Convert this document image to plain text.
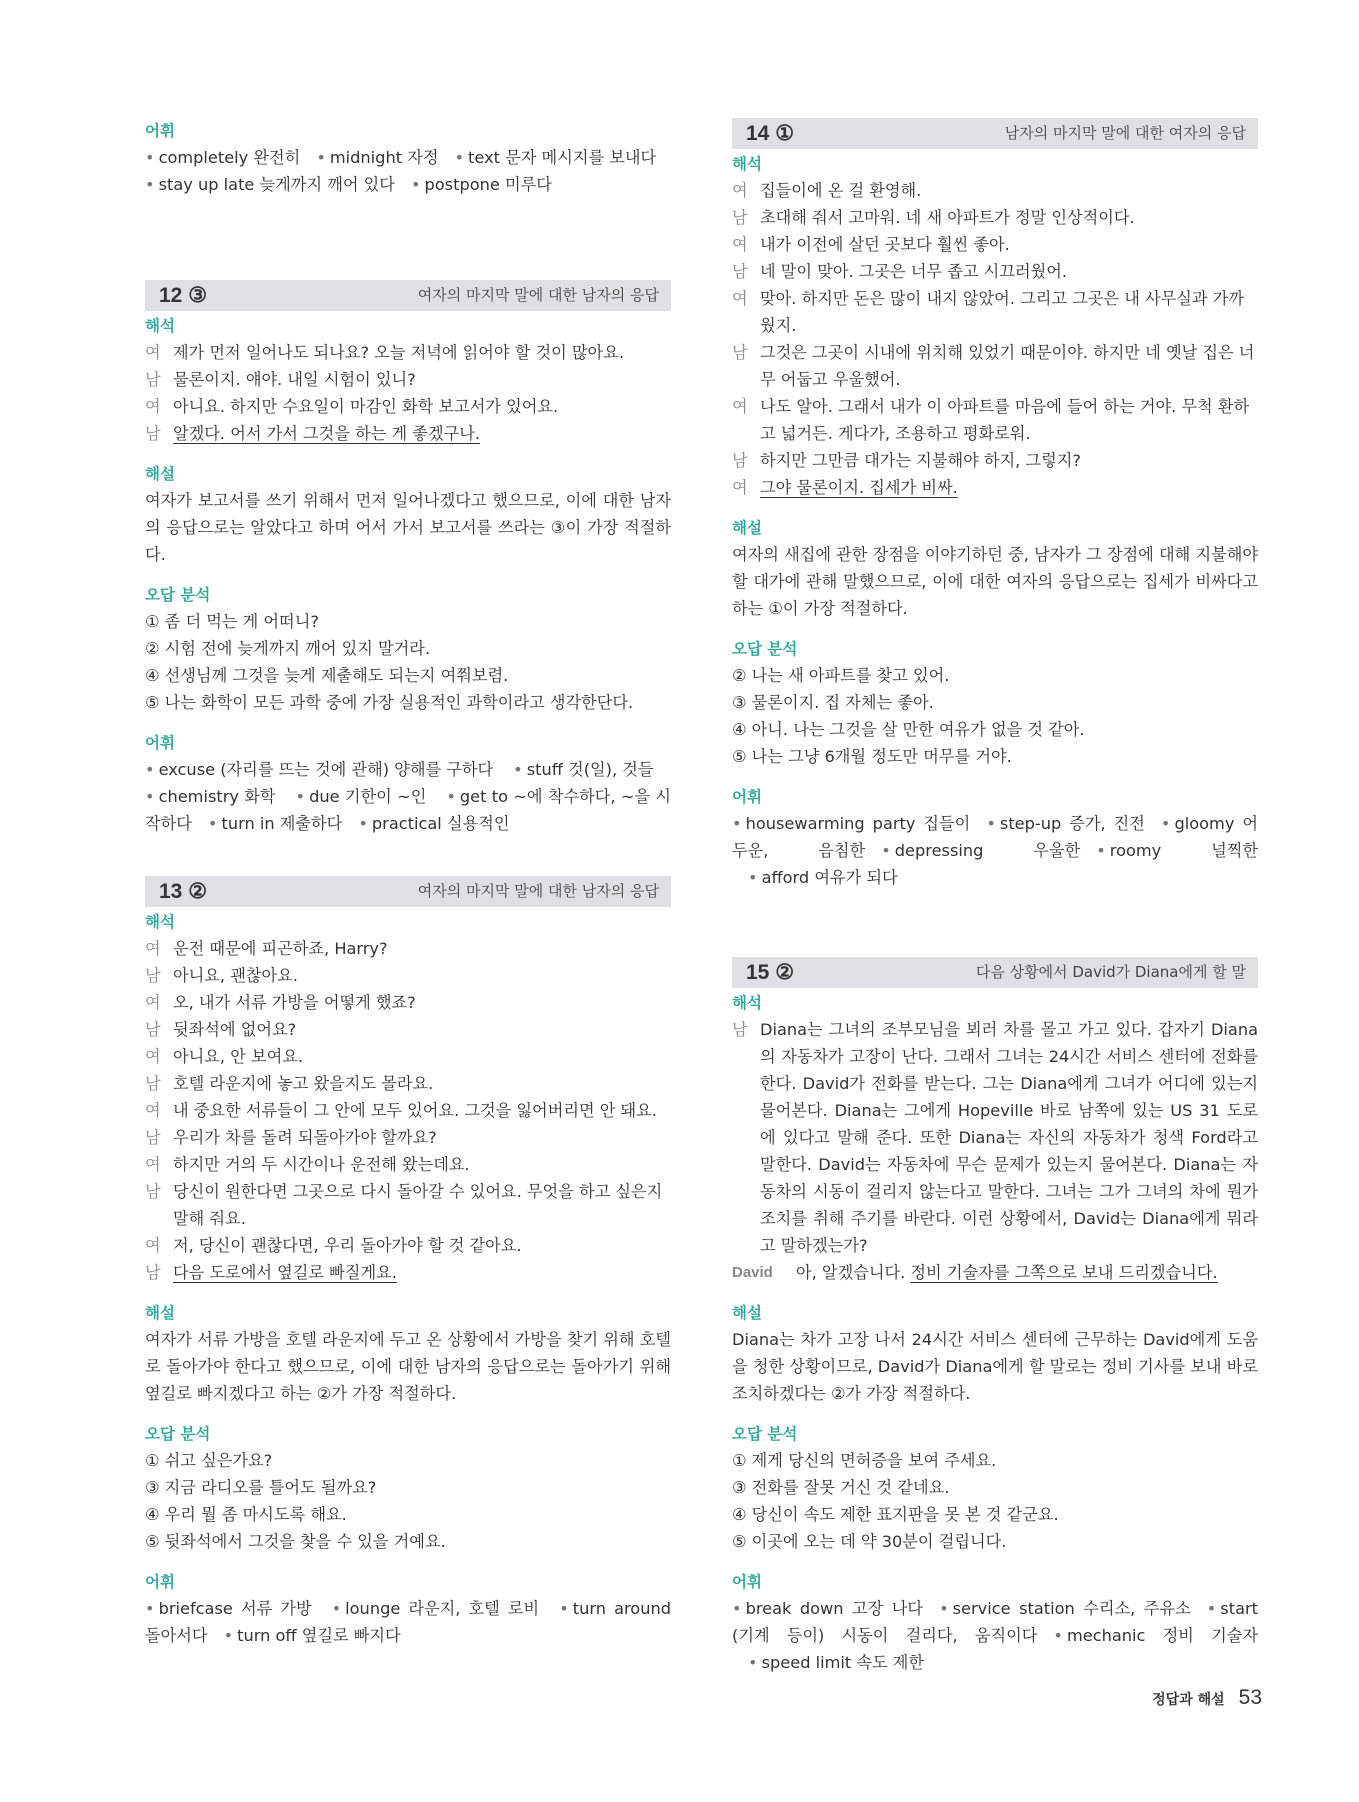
어휘

• completely 완전히 • midnight 자정 • text 문자 메시지를 보내다
• stay up late 늦게까지 깨어 있다 • postpone 미루다
12 ③	여자의 마지막 말에 대한 남자의 응답

해석

여 제가 먼저 일어나도 되나요? 오늘 저녁에 읽어야 할 것이 많아요.
남 물론이지. 얘야. 내일 시험이 있니?
여 아니요. 하지만 수요일이 마감인 화학 보고서가 있어요.
남 알겠다. 어서 가서 그것을 하는 게 좋겠구나.

해설

여자가 보고서를 쓰기 위해서 먼저 일어나겠다고 했으므로, 이에 대한 남자의 응답으로는 알았다고 하며 어서 가서 보고서를 쓰라는 ③이 가장 적절하다.

오답 분석

① 좀 더 먹는 게 어떠니?

② 시험 전에 늦게까지 깨어 있지 말거라.

④ 선생님께 그것을 늦게 제출해도 되는지 여쭤보렴.

⑤ 나는 화학이 모든 과학 중에 가장 실용적인 과학이라고 생각한단다.

어휘

• excuse (자리를 뜨는 것에 관해) 양해를 구하다 • stuff 것(일), 것들
• chemistry 화학 • due 기한이 ~인 • get to ~에 착수하다, ~을 시작하다 • turn in 제출하다 • practical 실용적인
13 ②	여자의 마지막 말에 대한 남자의 응답

해석

여 운전 때문에 피곤하죠, Harry?
남 아니요, 괜찮아요.
여 오, 내가 서류 가방을 어떻게 했죠?
남 뒷좌석에 없어요?
여 아니요, 안 보여요.
남 호텔 라운지에 놓고 왔을지도 몰라요.
여 내 중요한 서류들이 그 안에 모두 있어요. 그것을 잃어버리면 안 돼요.
남 우리가 차를 돌려 되돌아가야 할까요?
여 하지만 거의 두 시간이나 운전해 왔는데요.
남 당신이 원한다면 그곳으로 다시 돌아갈 수 있어요. 무엇을 하고 싶은지 말해 줘요.
여 저, 당신이 괜찮다면, 우리 돌아가야 할 것 같아요.
남 다음 도로에서 옆길로 빠질게요.

해설

여자가 서류 가방을 호텔 라운지에 두고 온 상황에서 가방을 찾기 위해 호텔로 돌아가야 한다고 했으므로, 이에 대한 남자의 응답으로는 돌아가기 위해 옆길로 빠지겠다고 하는 ②가 가장 적절하다.

오답 분석

① 쉬고 싶은가요?

③ 지금 라디오를 틀어도 될까요?

④ 우리 뭘 좀 마시도록 해요.

⑤ 뒷좌석에서 그것을 찾을 수 있을 거예요.

어휘

• briefcase 서류 가방 • lounge 라운지, 호텔 로비 • turn around 돌아서다 • turn off 옆길로 빠지다
14 ①	남자의 마지막 말에 대한 여자의 응답

해석

여 집들이에 온 걸 환영해.
남 초대해 줘서 고마워. 네 새 아파트가 정말 인상적이다.
여 내가 이전에 살던 곳보다 훨씬 좋아.
남 네 말이 맞아. 그곳은 너무 좁고 시끄러웠어.
여 맞아. 하지만 돈은 많이 내지 않았어. 그리고 그곳은 내 사무실과 가까웠지.
남 그것은 그곳이 시내에 위치해 있었기 때문이야. 하지만 네 옛날 집은 너무 어둡고 우울했어.
여 나도 알아. 그래서 내가 이 아파트를 마음에 들어 하는 거야. 무척 환하고 넓거든. 게다가, 조용하고 평화로워.
남 하지만 그만큼 대가는 지불해야 하지, 그렇지?
여 그야 물론이지. 집세가 비싸.

해설

여자의 새집에 관한 장점을 이야기하던 중, 남자가 그 장점에 대해 지불해야 할 대가에 관해 말했으므로, 이에 대한 여자의 응답으로는 집세가 비싸다고 하는 ①이 가장 적절하다.

오답 분석

② 나는 새 아파트를 찾고 있어.

③ 물론이지. 집 자체는 좋아.

④ 아니. 나는 그것을 살 만한 여유가 없을 것 같아.

⑤ 나는 그냥 6개월 정도만 머무를 거야.

어휘

• housewarming party 집들이 • step-up 증가, 진전 • gloomy 어두운, 음침한 • depressing 우울한 • roomy 널찍한• afford 여유가 되다
15 ②	다음 상황에서 David가 Diana에게 할 말

해석

남 Diana는 그녀의 조부모님을 뵈러 차를 몰고 가고 있다. 갑자기 Diana의 자동차가 고장이 난다. 그래서 그녀는 24시간 서비스 센터에 전화를 한다. David가 전화를 받는다. 그는 Diana에게 그녀가 어디에 있는지 물어본다. Diana는 그에게 Hopeville 바로 남쪽에 있는 US 31 도로에 있다고 말해 준다. 또한 Diana는 자신의 자동차가 청색 Ford라고 말한다. David는 자동차에 무슨 문제가 있는지 물어본다. Diana는 자동차의 시동이 걸리지 않는다고 말한다. 그녀는 그가 그녀의 차에 뭔가 조치를 취해 주기를 바란다. 이런 상황에서, David는 Diana에게 뭐라고 말하겠는가?
David	아, 알겠습니다. 정비 기술자를 그쪽으로 보내 드리겠습니다.

해설

Diana는 차가 고장 나서 24시간 서비스 센터에 근무하는 David에게 도움을 청한 상황이므로, David가 Diana에게 할 말로는 정비 기사를 보내 바로 조치하겠다는 ②가 가장 적절하다.

오답 분석

① 제게 당신의 면허증을 보여 주세요.

③ 전화를 잘못 거신 것 같네요.

④ 당신이 속도 제한 표지판을 못 본 것 같군요.

⑤ 이곳에 오는 데 약 30분이 걸립니다.

어휘

• break down 고장 나다 • service station 수리소, 주유소 • start (기계 등이) 시동이 걸리다, 움직이다 • mechanic 정비 기술자• speed limit 속도 제한
정답과 해설 53
